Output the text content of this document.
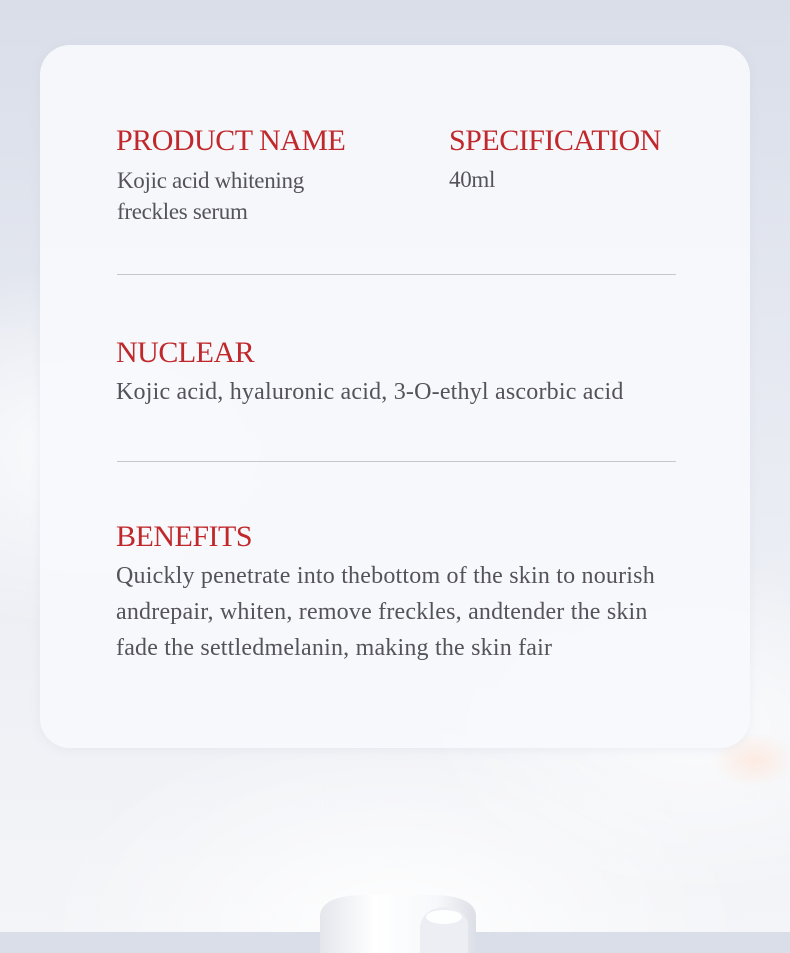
PRODUCT NAME

Kojic acid whitening

freckles serum

SPECIFICATION

40ml

NUCLEAR

Kojic acid, hyaluronic acid, 3-O-ethyl ascorbic acid

BENEFITS

Quickly penetrate into thebottom of the skin to nourish

andrepair, whiten, remove freckles, andtender the skin

fade the settledmelanin, making the skin fair
